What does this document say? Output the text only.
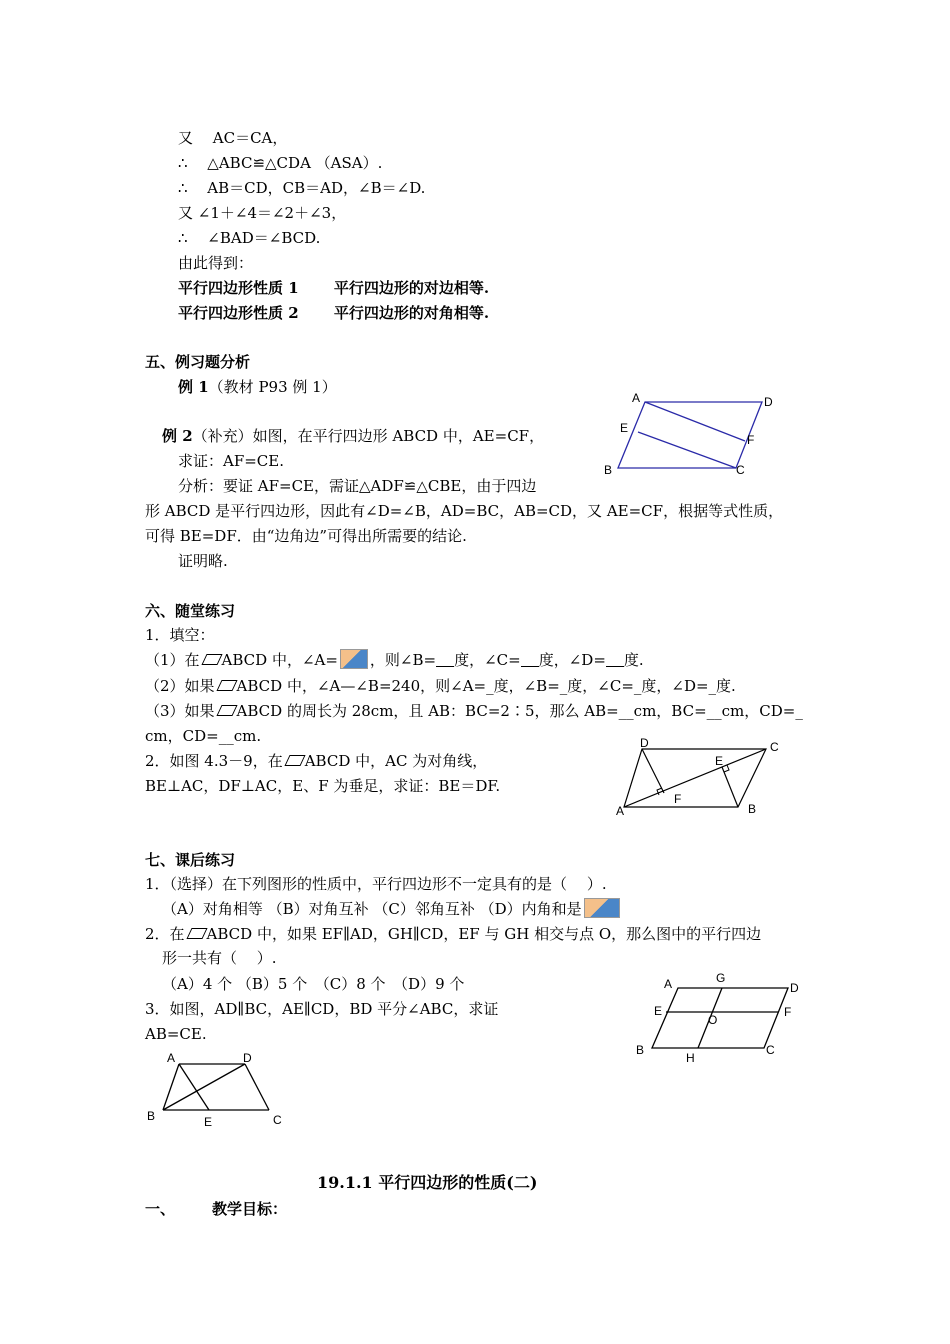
又　 AC＝CA，
∴　 △ABC≌△CDA （ASA）.
∴　 AB＝CD，CB＝AD，∠B＝∠D.
又 ∠1＋∠4＝∠2＋∠3，
∴　 ∠BAD＝∠BCD.
由此得到：
平行四边形性质 1　　 平行四边形的对边相等.
平行四边形性质 2　　 平行四边形的对角相等.
五、例习题分析
例 1（教材 P93 例 1）
例 2（补充）如图，在平行四边形 ABCD 中，AE=CF，
求证：AF=CE.
分析：要证 AF=CE，需证△ADF≌△CBE，由于四边
形 ABCD 是平行四边形，因此有∠D=∠B，AD=BC，AB=CD，又 AE=CF，根据等式性质，
可得 BE=DF．由“边角边”可得出所需要的结论.
证明略.
A	D
E
F
B	C
六、随堂练习
1．填空：
（1）在 ABCD 中，∠A= ，则∠B= 度，∠C= 度，∠D= 度.
（2）如果 ABCD 中，∠A—∠B=240，则∠A=_度，∠B=_度，∠C=_度，∠D=_度.
（3）如果 ABCD 的周长为 28cm，且 AB：BC=2∶5，那么 AB=__cm，BC=__cm，CD=_
cm，CD=__cm.
2．如图 4.3－9，在 ABCD 中，AC 为对角线，
BE⊥AC，DF⊥AC，E、F 为垂足，求证：BE＝DF.
D	C
E
F
A	B
七、课后练习
1．（选择）在下列图形的性质中，平行四边形不一定具有的是（　 ）.
（A）对角相等 （B）对角互补 （C）邻角互补 （D）内角和是
2．在 ABCD 中，如果 EF∥AD，GH∥CD，EF 与 GH 相交与点 O，那么图中的平行四边
形一共有（　 ）.
（A）4 个 （B）5 个　（C）8 个　（D）9 个
3．如图，AD∥BC，AE∥CD，BD 平分∠ABC，求证
AB=CE.
A	G
D
E
O
F
B
H
C
A	D
B	E	C
19.1.1 平行四边形的性质(二)
一、 教学目标：
